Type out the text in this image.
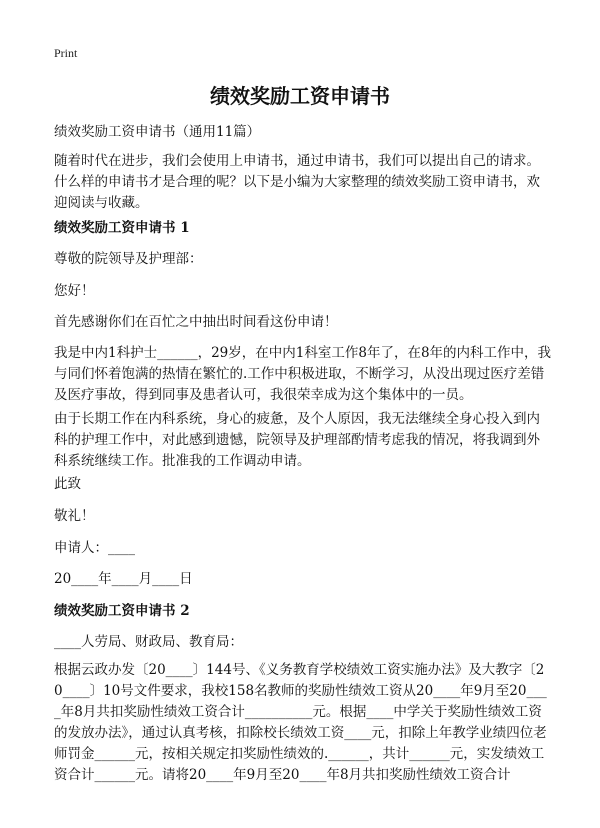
Print
绩效奖励工资申请书

绩效奖励工资申请书（通用11篇）

随着时代在进步，我们会使用上申请书，通过申请书，我们可以提出自己的请求。什么样的申请书才是合理的呢？以下是小编为大家整理的绩效奖励工资申请书，欢迎阅读与收藏。

绩效奖励工资申请书 1

尊敬的院领导及护理部：

您好！

首先感谢你们在百忙之中抽出时间看这份申请！

我是中内1科护士______，29岁，在中内1科室工作8年了，在8年的内科工作中，我与同们怀着饱满的热情在繁忙的.工作中积极进取，不断学习，从没出现过医疗差错及医疗事故，得到同事及患者认可，我很荣幸成为这个集体中的一员。

由于长期工作在内科系统，身心的疲惫，及个人原因，我无法继续全身心投入到内科的护理工作中，对此感到遗憾，院领导及护理部酌情考虑我的情况，将我调到外科系统继续工作。批准我的工作调动申请。

此致

敬礼！

申请人：____

20____年____月____日

绩效奖励工资申请书 2

____人劳局、财政局、教育局：

根据云政办发〔20____〕144号、《义务教育学校绩效工资实施办法》及大教字〔20____〕10号文件要求，我校158名教师的奖励性绩效工资从20____年9月至20____年8月共扣奖励性绩效工资合计__________元。根据____中学关于奖励性绩效工资的发放办法》，通过认真考核，扣除校长绩效工资____元，扣除上年教学业绩四位老师罚金______元，按相关规定扣奖励性绩效的.______，共计______元，实发绩效工资合计______元。请将20____年9月至20____年8月共扣奖励性绩效工资合计
